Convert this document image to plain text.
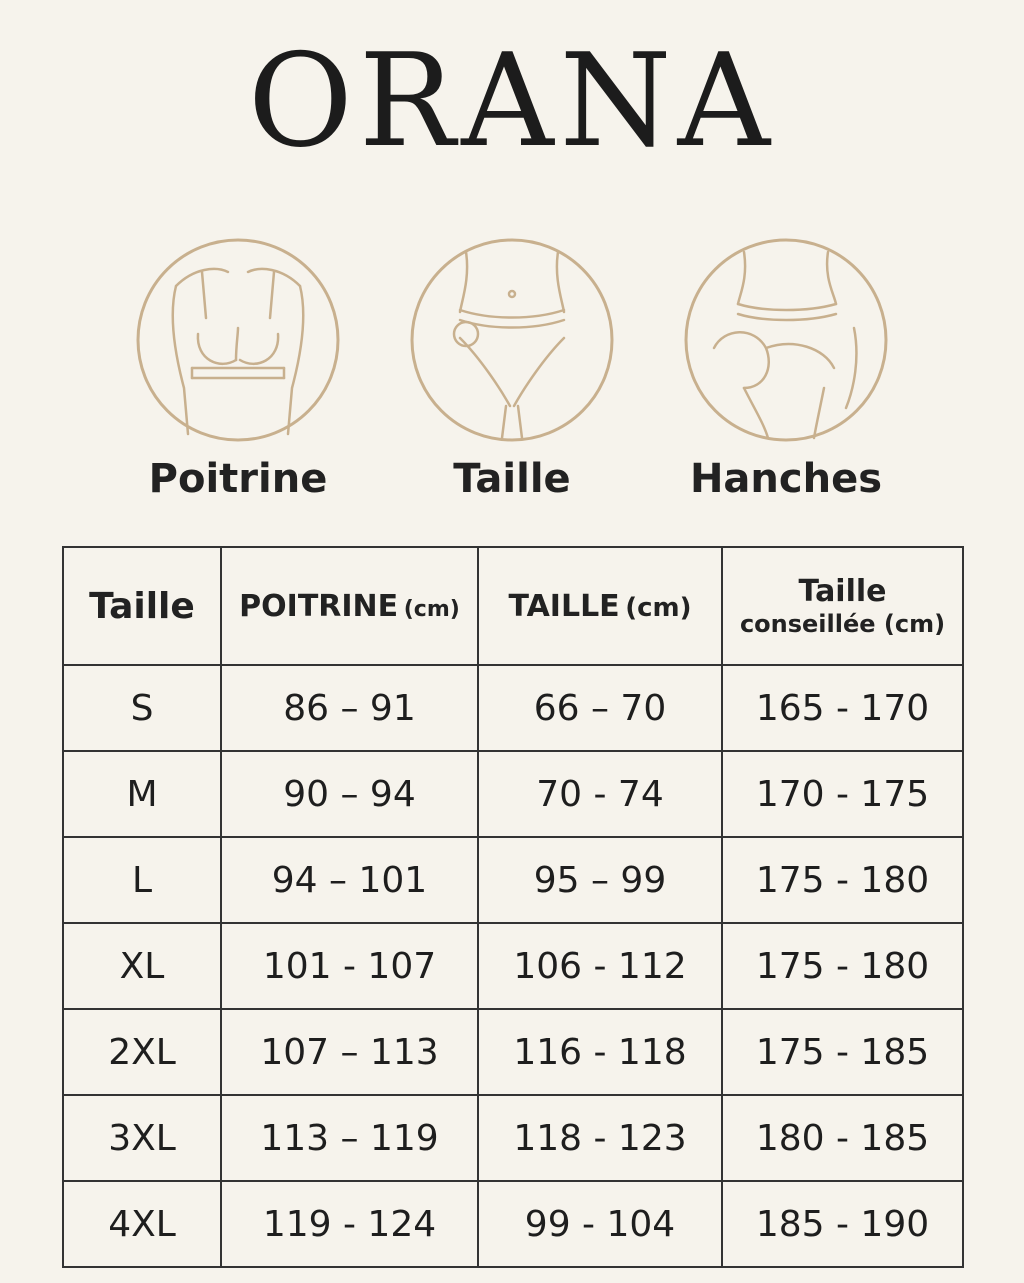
ORANA
Poitrine	Taille	Hanches
Taille	POITRINE (cm)	TAILLE (cm)	Taille
conseillée (cm)

S	86 – 91	66 – 70	165 - 170
M	90 – 94	70 - 74	170 - 175
L	94 – 101	95 – 99	175 - 180
XL	101 - 107	106 - 112	175 - 180
2XL	107 – 113	116 - 118	175 - 185
3XL	113 – 119	118 - 123	180 - 185
4XL	119 - 124	99 - 104	185 - 190
